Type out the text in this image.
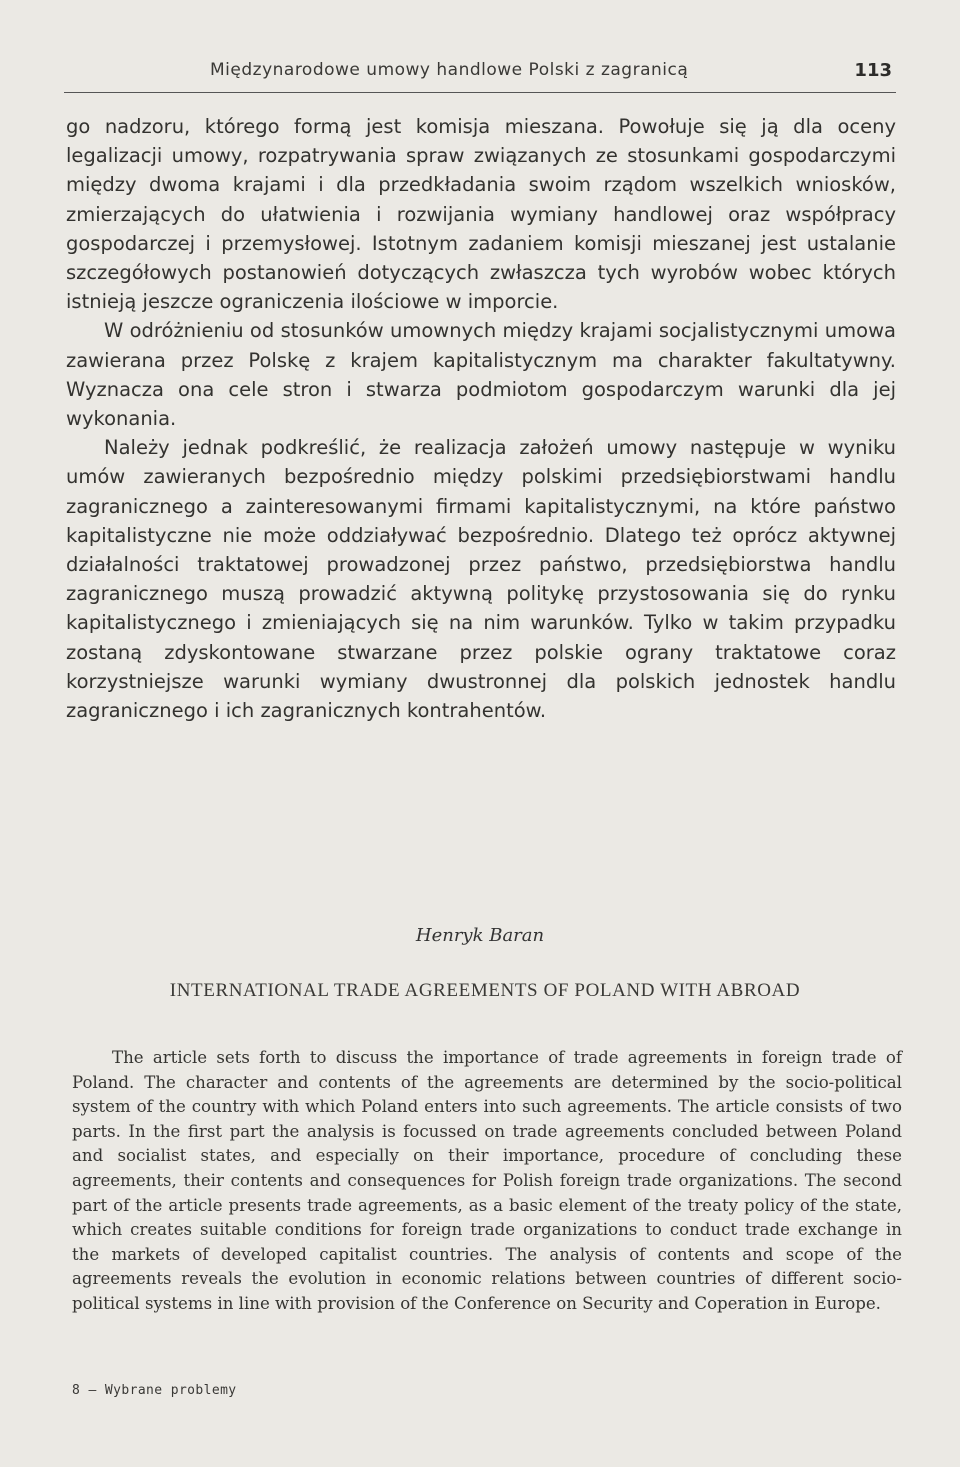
Międzynarodowe umowy handlowe Polski z zagranicą	113

go nadzoru, którego formą jest komisja mieszana. Powołuje się ją dla oceny legalizacji umowy, rozpatrywania spraw związanych ze stosunkami gospodarczymi między dwoma krajami i dla przedkładania swoim rządom wszelkich wniosków, zmierzających do ułatwienia i rozwijania wymiany handlowej oraz współpracy gospodarczej i przemysłowej. Istotnym zadaniem komisji mieszanej jest ustalanie szczegółowych postanowień dotyczących zwłaszcza tych wyrobów wobec których istnieją jeszcze ograniczenia ilościowe w imporcie.

W odróżnieniu od stosunków umownych między krajami socjalistycznymi umowa zawierana przez Polskę z krajem kapitalistycznym ma charakter fakultatywny. Wyznacza ona cele stron i stwarza podmiotom gospodarczym warunki dla jej wykonania.

Należy jednak podkreślić, że realizacja założeń umowy następuje w wyniku umów zawieranych bezpośrednio między polskimi przedsiębiorstwami handlu zagranicznego a zainteresowanymi firmami kapitalistycznymi, na które państwo kapitalistyczne nie może oddziaływać bezpośrednio. Dlatego też oprócz aktywnej działalności traktatowej prowadzonej przez państwo, przedsiębiorstwa handlu zagranicznego muszą prowadzić aktywną politykę przystosowania się do rynku kapitalistycznego i zmieniających się na nim warunków. Tylko w takim przypadku zostaną zdyskontowane stwarzane przez polskie ograny traktatowe coraz korzystniejsze warunki wymiany dwustronnej dla polskich jednostek handlu zagranicznego i ich zagranicznych kontrahentów.

Henryk Baran
INTERNATIONAL TRADE AGREEMENTS OF POLAND WITH ABROAD

The article sets forth to discuss the importance of trade agreements in foreign trade of Poland. The character and contents of the agreements are determined by the socio-political system of the country with which Poland enters into such agreements. The article consists of two parts. In the first part the analysis is focussed on trade agreements concluded between Poland and socialist states, and especially on their importance, procedure of concluding these agreements, their contents and consequences for Polish foreign trade organizations. The second part of the article presents trade agreements, as a basic element of the treaty policy of the state, which creates suitable conditions for foreign trade organizations to conduct trade exchange in the markets of developed capitalist countries. The analysis of contents and scope of the agreements reveals the evolution in economic relations between countries of different socio-political systems in line with provision of the Conference on Security and Coperation in Europe.

8 — Wybrane problemy
